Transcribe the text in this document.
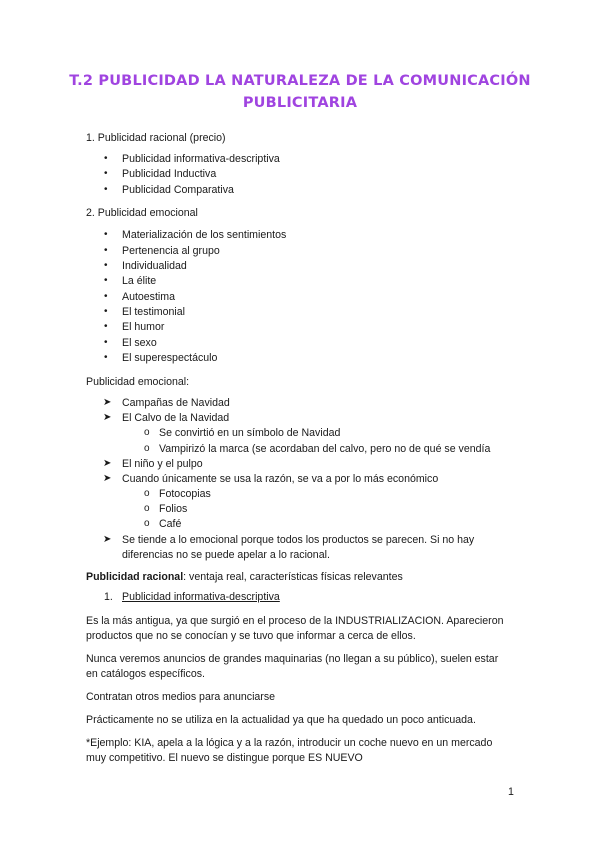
T.2 PUBLICIDAD LA NATURALEZA DE LA COMUNICACIÓN
PUBLICITARIA
1. Publicidad racional (precio)
•
Publicidad informativa-descriptiva
•
Publicidad Inductiva
•
Publicidad Comparativa
2. Publicidad emocional
•
Materialización de los sentimientos
•
Pertenencia al grupo
•
Individualidad
•
La élite
•
Autoestima
•
El testimonial
•
El humor
•
El sexo
•
El superespectáculo
Publicidad emocional:
➤
Campañas de Navidad
➤
El Calvo de la Navidad
o
Se convirtió en un símbolo de Navidad
o
Vampirizó la marca (se acordaban del calvo, pero no de qué se vendía
➤
El niño y el pulpo
➤
Cuando únicamente se usa la razón, se va a por lo más económico
o
Fotocopias
o
Folios
o
Café
➤
Se tiende a lo emocional porque todos los productos se parecen. Si no hay
diferencias no se puede apelar a lo racional.
Publicidad racional: ventaja real, características físicas relevantes
1. Publicidad informativa-descriptiva
Es la más antigua, ya que surgió en el proceso de la INDUSTRIALIZACION. Aparecieron
productos que no se conocían y se tuvo que informar a cerca de ellos.
Nunca veremos anuncios de grandes maquinarias (no llegan a su público), suelen estar
en catálogos específicos.
Contratan otros medios para anunciarse
Prácticamente no se utiliza en la actualidad ya que ha quedado un poco anticuada.
*Ejemplo: KIA, apela a la lógica y a la razón, introducir un coche nuevo en un mercado
muy competitivo. El nuevo se distingue porque ES NUEVO
1
